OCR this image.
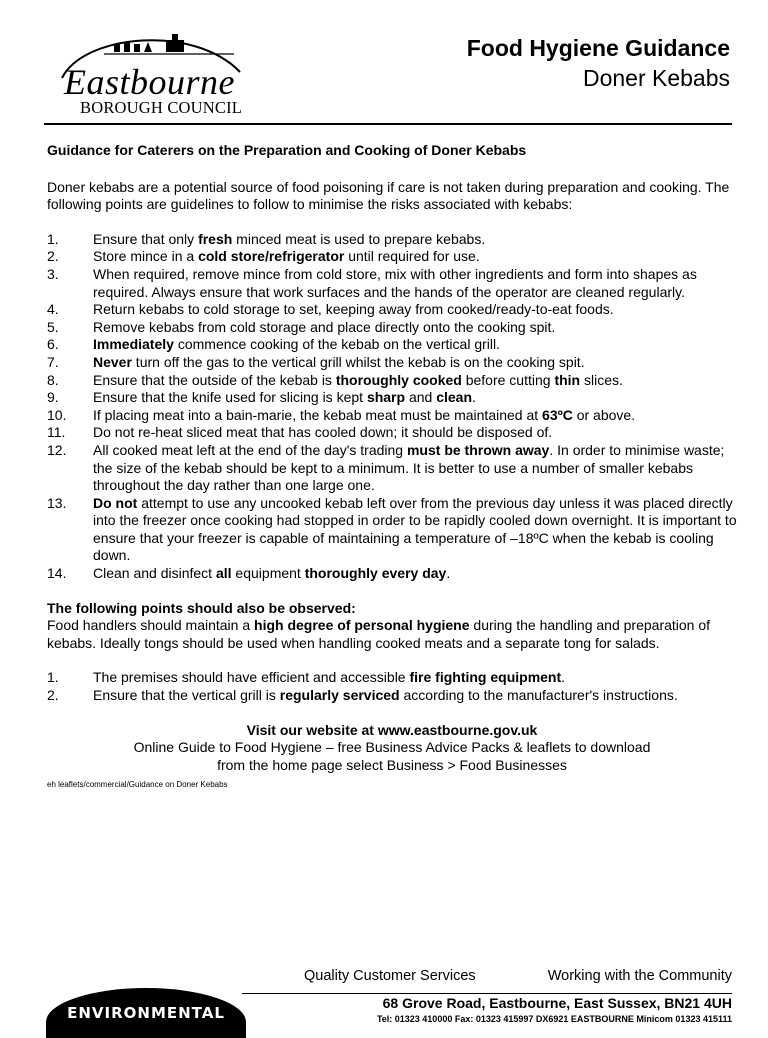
Eastbourne
BOROUGH COUNCIL
Food Hygiene Guidance
Doner Kebabs

Guidance for Caterers on the Preparation and Cooking of Doner Kebabs

Doner kebabs are a potential source of food poisoning if care is not taken during preparation and cooking. The following points are guidelines to follow to minimise the risks associated with kebabs:

1. Ensure that only fresh minced meat is used to prepare kebabs.
2. Store mince in a cold store/refrigerator until required for use.
3. When required, remove mince from cold store, mix with other ingredients and form into shapes as required. Always ensure that work surfaces and the hands of the operator are cleaned regularly.
4. Return kebabs to cold storage to set, keeping away from cooked/ready-to-eat foods.
5. Remove kebabs from cold storage and place directly onto the cooking spit.
6. Immediately commence cooking of the kebab on the vertical grill.
7. Never turn off the gas to the vertical grill whilst the kebab is on the cooking spit.
8. Ensure that the outside of the kebab is thoroughly cooked before cutting thin slices.
9. Ensure that the knife used for slicing is kept sharp and clean.
10. If placing meat into a bain-marie, the kebab meat must be maintained at 63ºC or above.
11. Do not re-heat sliced meat that has cooled down; it should be disposed of.
12. All cooked meat left at the end of the day's trading must be thrown away. In order to minimise waste; the size of the kebab should be kept to a minimum. It is better to use a number of smaller kebabs throughout the day rather than one large one.
13. Do not attempt to use any uncooked kebab left over from the previous day unless it was placed directly into the freezer once cooking had stopped in order to be rapidly cooled down overnight. It is important to ensure that your freezer is capable of maintaining a temperature of –18ºC when the kebab is cooling down.
14. Clean and disinfect all equipment thoroughly every day.

The following points should also be observed:

Food handlers should maintain a high degree of personal hygiene during the handling and preparation of kebabs. Ideally tongs should be used when handling cooked meats and a separate tong for salads.

1. The premises should have efficient and accessible fire fighting equipment.
2. Ensure that the vertical grill is regularly serviced according to the manufacturer's instructions.
Visit our website at www.eastbourne.gov.uk
Online Guide to Food Hygiene – free Business Advice Packs & leaflets to download
from the home page select Business > Food Businesses
eh leaflets/commercial/Guidance on Doner Kebabs
Quality Customer Services	Working with the Community
ENVIRONMENTAL
68 Grove Road, Eastbourne, East Sussex, BN21 4UH
Tel: 01323 410000 Fax: 01323 415997 DX6921 EASTBOURNE Minicom 01323 415111
